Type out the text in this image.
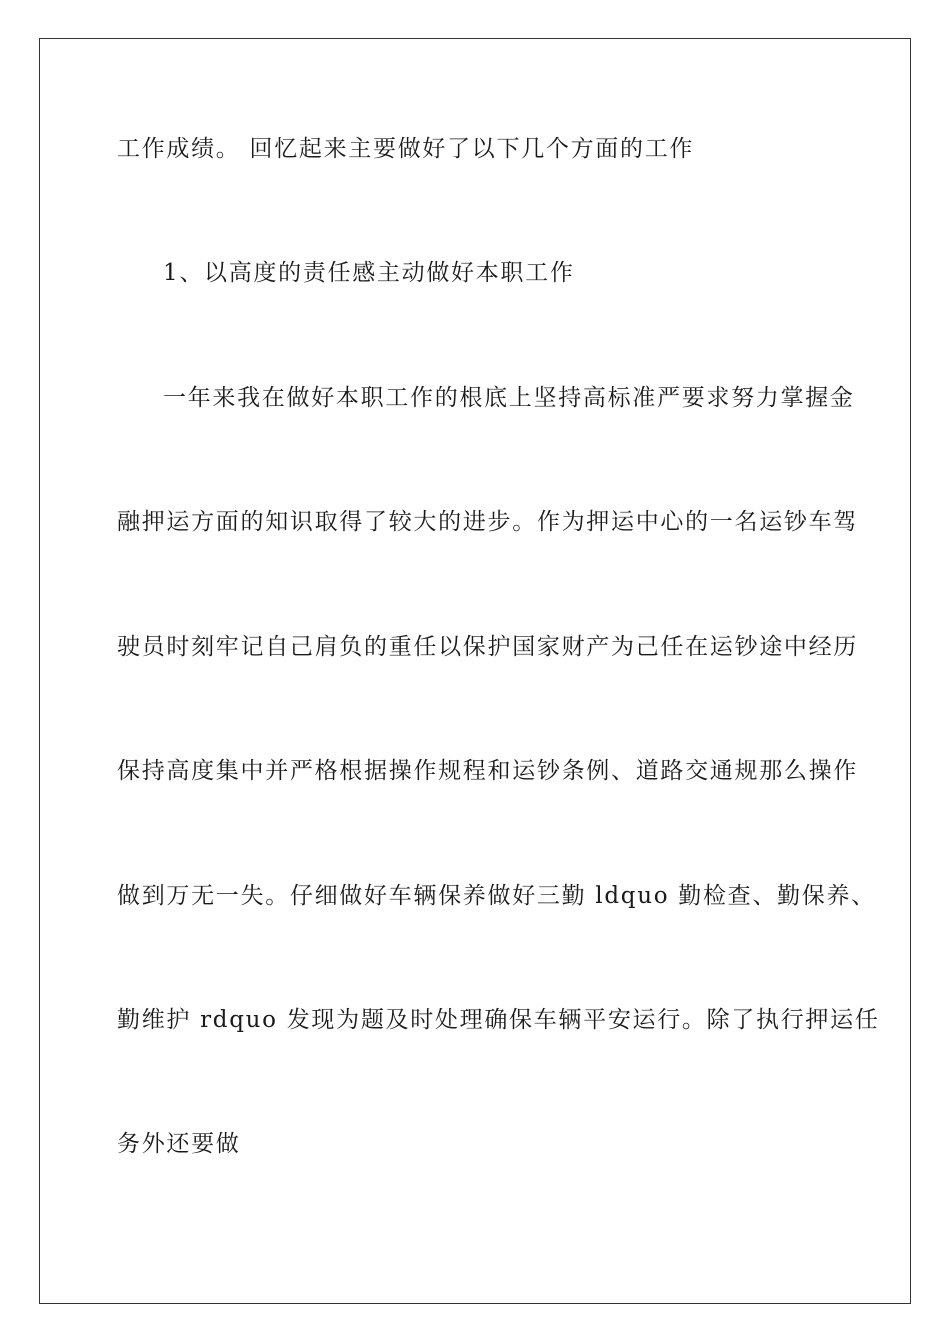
工作成绩。 回忆起来主要做好了以下几个方面的工作

1、以高度的责任感主动做好本职工作

一年来我在做好本职工作的根底上坚持高标准严要求努力掌握金

融押运方面的知识取得了较大的进步。作为押运中心的一名运钞车驾

驶员时刻牢记自己肩负的重任以保护国家财产为己任在运钞途中经历

保持高度集中并严格根据操作规程和运钞条例、道路交通规那么操作

做到万无一失。仔细做好车辆保养做好三勤 ldquo 勤检查、勤保养、

勤维护 rdquo 发现为题及时处理确保车辆平安运行。除了执行押运任

务外还要做
